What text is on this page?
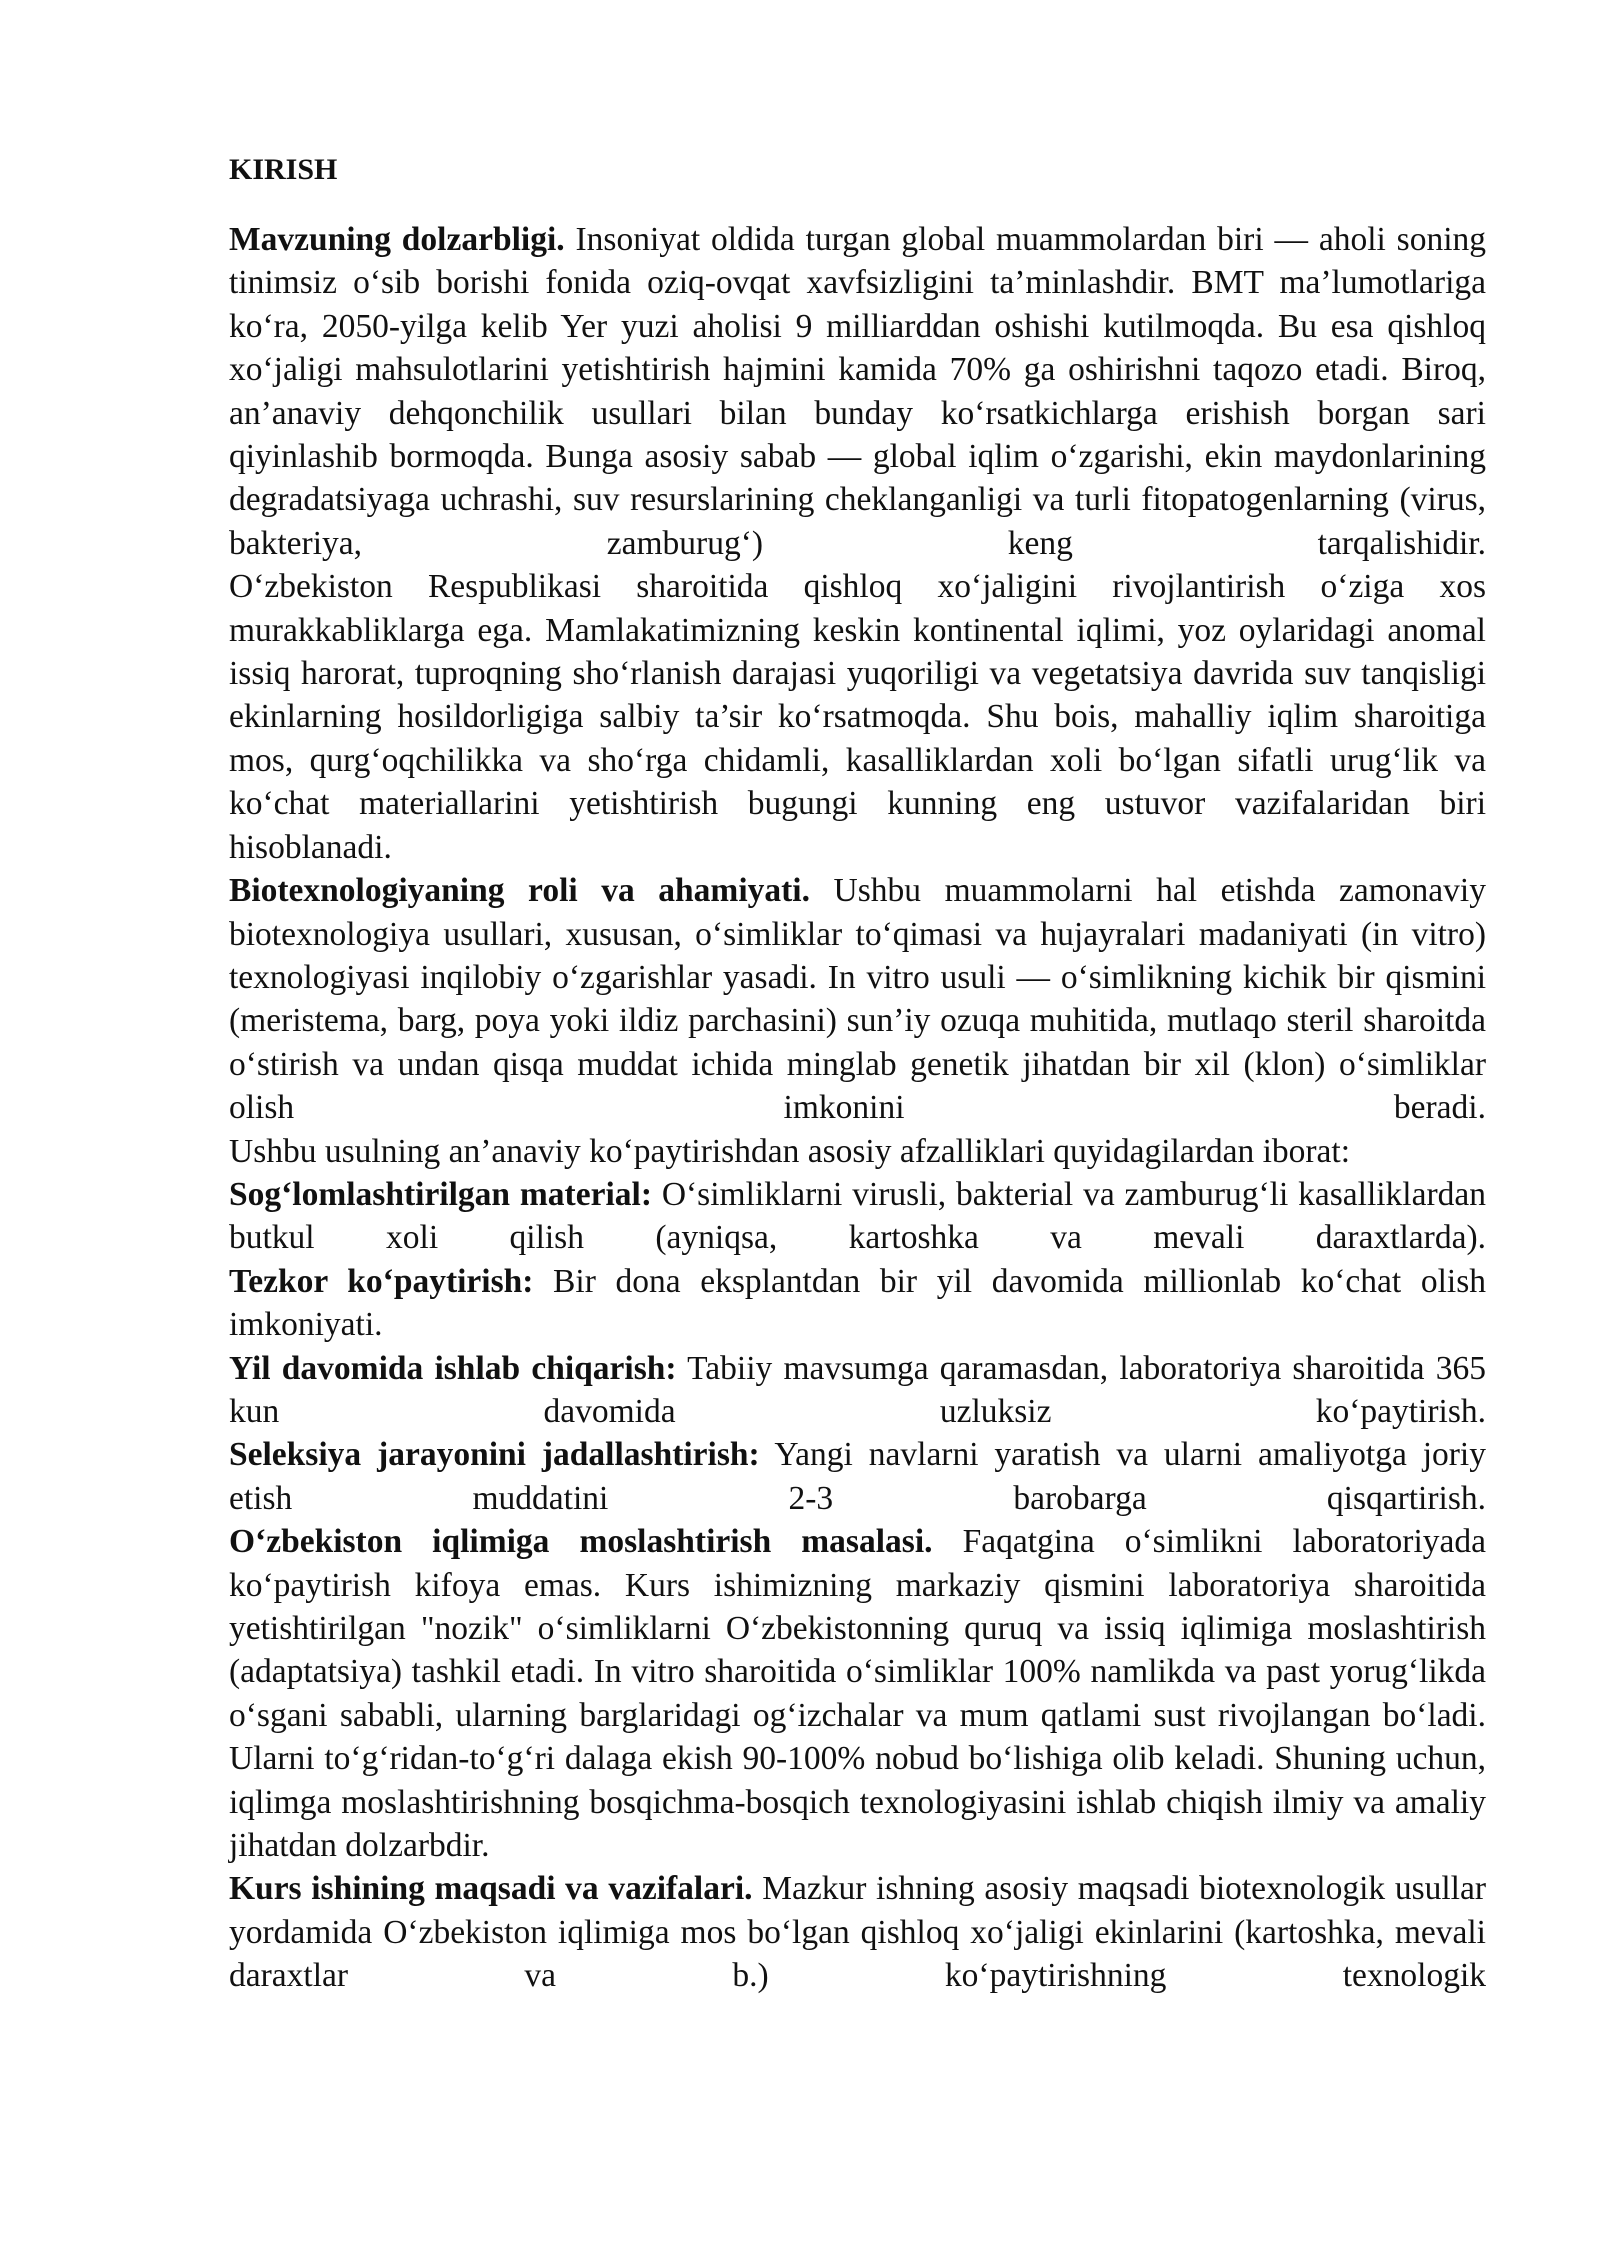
KIRISH

Mavzuning dolzarbligi. Insoniyat oldida turgan global muammolardan biri — aholi soning tinimsiz o‘sib borishi fonida oziq-ovqat xavfsizligini ta’minlashdir. BMT ma’lumotlariga ko‘ra, 2050-yilga kelib Yer yuzi aholisi 9 milliarddan oshishi kutilmoqda. Bu esa qishloq xo‘jaligi mahsulotlarini yetishtirish hajmini kamida 70% ga oshirishni taqozo etadi. Biroq, an’anaviy dehqonchilik usullari bilan bunday ko‘rsatkichlarga erishish borgan sari qiyinlashib bormoqda. Bunga asosiy sabab — global iqlim o‘zgarishi, ekin maydonlarining degradatsiyaga uchrashi, suv resurslarining cheklanganligi va turli fitopatogenlarning (virus, bakteriya, zamburug‘) keng tarqalishidir.

O‘zbekiston Respublikasi sharoitida qishloq xo‘jaligini rivojlantirish o‘ziga xos murakkabliklarga ega. Mamlakatimizning keskin kontinental iqlimi, yoz oylaridagi anomal issiq harorat, tuproqning sho‘rlanish darajasi yuqoriligi va vegetatsiya davrida suv tanqisligi ekinlarning hosildorligiga salbiy ta’sir ko‘rsatmoqda. Shu bois, mahalliy iqlim sharoitiga mos, qurg‘oqchilikka va sho‘rga chidamli, kasalliklardan xoli bo‘lgan sifatli urug‘lik va ko‘chat materiallarini yetishtirish bugungi kunning eng ustuvor vazifalaridan biri hisoblanadi.

Biotexnologiyaning roli va ahamiyati. Ushbu muammolarni hal etishda zamonaviy biotexnologiya usullari, xususan, o‘simliklar to‘qimasi va hujayralari madaniyati (in vitro) texnologiyasi inqilobiy o‘zgarishlar yasadi. In vitro usuli — o‘simlikning kichik bir qismini (meristema, barg, poya yoki ildiz parchasini) sun’iy ozuqa muhitida, mutlaqo steril sharoitda o‘stirish va undan qisqa muddat ichida minglab genetik jihatdan bir xil (klon) o‘simliklar olish imkonini beradi.

Ushbu usulning an’anaviy ko‘paytirishdan asosiy afzalliklari quyidagilardan iborat:

Sog‘lomlashtirilgan material: O‘simliklarni virusli, bakterial va zamburug‘li kasalliklardan butkul xoli qilish (ayniqsa, kartoshka va mevali daraxtlarda).

Tezkor ko‘paytirish: Bir dona eksplantdan bir yil davomida millionlab ko‘chat olish imkoniyati.

Yil davomida ishlab chiqarish: Tabiiy mavsumga qaramasdan, laboratoriya sharoitida 365 kun davomida uzluksiz ko‘paytirish.

Seleksiya jarayonini jadallashtirish: Yangi navlarni yaratish va ularni amaliyotga joriy etish muddatini 2-3 barobarga qisqartirish.

O‘zbekiston iqlimiga moslashtirish masalasi. Faqatgina o‘simlikni laboratoriyada ko‘paytirish kifoya emas. Kurs ishimizning markaziy qismini laboratoriya sharoitida yetishtirilgan "nozik" o‘simliklarni O‘zbekistonning quruq va issiq iqlimiga moslashtirish (adaptatsiya) tashkil etadi. In vitro sharoitida o‘simliklar 100% namlikda va past yorug‘likda o‘sgani sababli, ularning barglaridagi og‘izchalar va mum qatlami sust rivojlangan bo‘ladi. Ularni to‘g‘ridan-to‘g‘ri dalaga ekish 90-100% nobud bo‘lishiga olib keladi. Shuning uchun, iqlimga moslashtirishning bosqichma-bosqich texnologiyasini ishlab chiqish ilmiy va amaliy jihatdan dolzarbdir.

Kurs ishining maqsadi va vazifalari. Mazkur ishning asosiy maqsadi biotexnologik usullar yordamida O‘zbekiston iqlimiga mos bo‘lgan qishloq xo‘jaligi ekinlarini (kartoshka, mevali daraxtlar va b.) ko‘paytirishning texnologik
